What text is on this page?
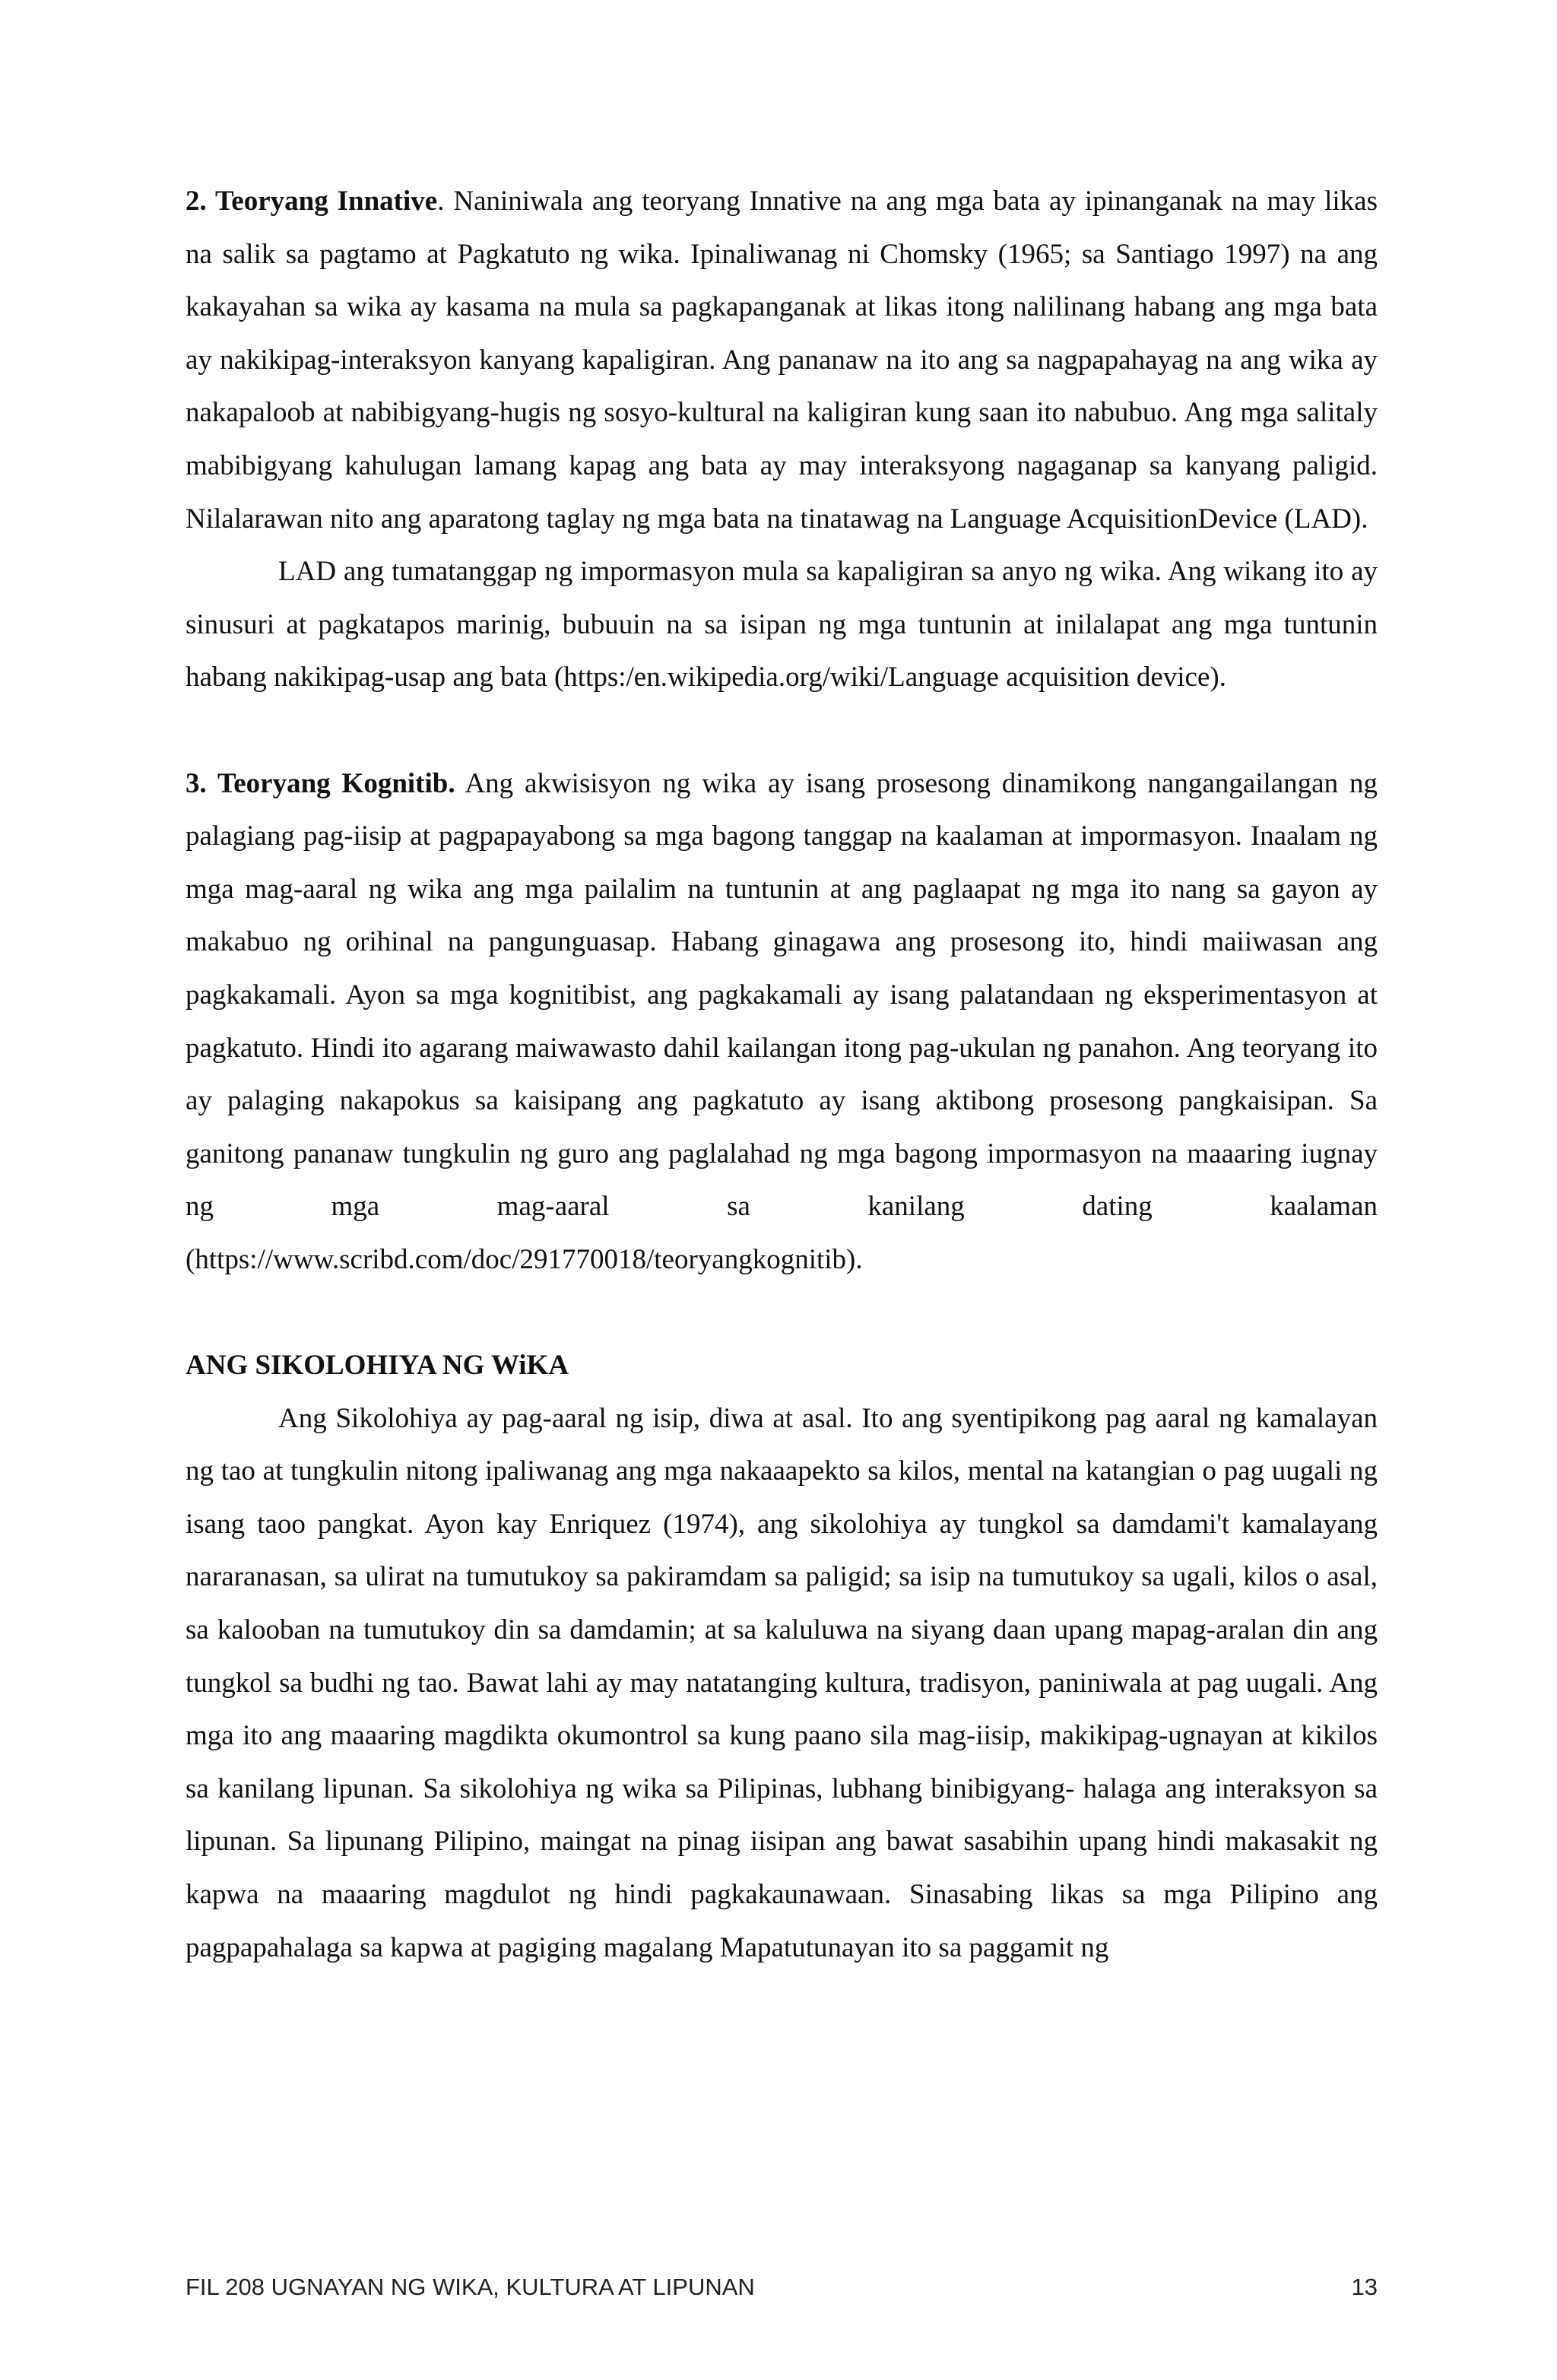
2. Teoryang Innative. Naniniwala ang teoryang Innative na ang mga bata ay ipinanganak na may likas na salik sa pagtamo at Pagkatuto ng wika. Ipinaliwanag ni Chomsky (1965; sa Santiago 1997) na ang kakayahan sa wika ay kasama na mula sa pagkapanganak at likas itong nalilinang habang ang mga bata ay nakikipag-interaksyon kanyang kapaligiran. Ang pananaw na ito ang sa nagpapahayag na ang wika ay nakapaloob at nabibigyang-hugis ng sosyo-kultural na kaligiran kung saan ito nabubuo. Ang mga salitaly mabibigyang kahulugan lamang kapag ang bata ay may interaksyong nagaganap sa kanyang paligid. Nilalarawan nito ang aparatong taglay ng mga bata na tinatawag na Language AcquisitionDevice (LAD).

LAD ang tumatanggap ng impormasyon mula sa kapaligiran sa anyo ng wika. Ang wikang ito ay sinusuri at pagkatapos marinig, bubuuin na sa isipan ng mga tuntunin at inilalapat ang mga tuntunin habang nakikipag-usap ang bata (https:/en.wikipedia.org/wiki/Language acquisition device).

3. Teoryang Kognitib. Ang akwisisyon ng wika ay isang prosesong dinamikong nangangailangan ng palagiang pag-iisip at pagpapayabong sa mga bagong tanggap na kaalaman at impormasyon. Inaalam ng mga mag-aaral ng wika ang mga pailalim na tuntunin at ang paglaapat ng mga ito nang sa gayon ay makabuo ng orihinal na pangunguasap. Habang ginagawa ang prosesong ito, hindi maiiwasan ang pagkakamali. Ayon sa mga kognitibist, ang pagkakamali ay isang palatandaan ng eksperimentasyon at pagkatuto. Hindi ito agarang maiwawasto dahil kailangan itong pag-ukulan ng panahon. Ang teoryang ito ay palaging nakapokus sa kaisipang ang pagkatuto ay isang aktibong prosesong pangkaisipan. Sa ganitong pananaw tungkulin ng guro ang paglalahad ng mga bagong impormasyon na maaaring iugnay ng mga mag-aaral sa kanilang dating kaalaman (https://www.scribd.com/doc/291770018/teoryangkognitib).

ANG SIKOLOHIYA NG WiKA

Ang Sikolohiya ay pag-aaral ng isip, diwa at asal. Ito ang syentipikong pag aaral ng kamalayan ng tao at tungkulin nitong ipaliwanag ang mga nakaaapekto sa kilos, mental na katangian o pag uugali ng isang taoo pangkat. Ayon kay Enriquez (1974), ang sikolohiya ay tungkol sa damdami't kamalayang nararanasan, sa ulirat na tumutukoy sa pakiramdam sa paligid; sa isip na tumutukoy sa ugali, kilos o asal, sa kalooban na tumutukoy din sa damdamin; at sa kaluluwa na siyang daan upang mapag-aralan din ang tungkol sa budhi ng tao. Bawat lahi ay may natatanging kultura, tradisyon, paniniwala at pag uugali. Ang mga ito ang maaaring magdikta okumontrol sa kung paano sila mag-iisip, makikipag-ugnayan at kikilos sa kanilang lipunan. Sa sikolohiya ng wika sa Pilipinas, lubhang binibigyang- halaga ang interaksyon sa lipunan. Sa lipunang Pilipino, maingat na pinag iisipan ang bawat sasabihin upang hindi makasakit ng kapwa na maaaring magdulot ng hindi pagkakaunawaan. Sinasabing likas sa mga Pilipino ang pagpapahalaga sa kapwa at pagiging magalang Mapatutunayan ito sa paggamit ng

FIL 208 UGNAYAN NG WIKA, KULTURA AT LIPUNAN	13
